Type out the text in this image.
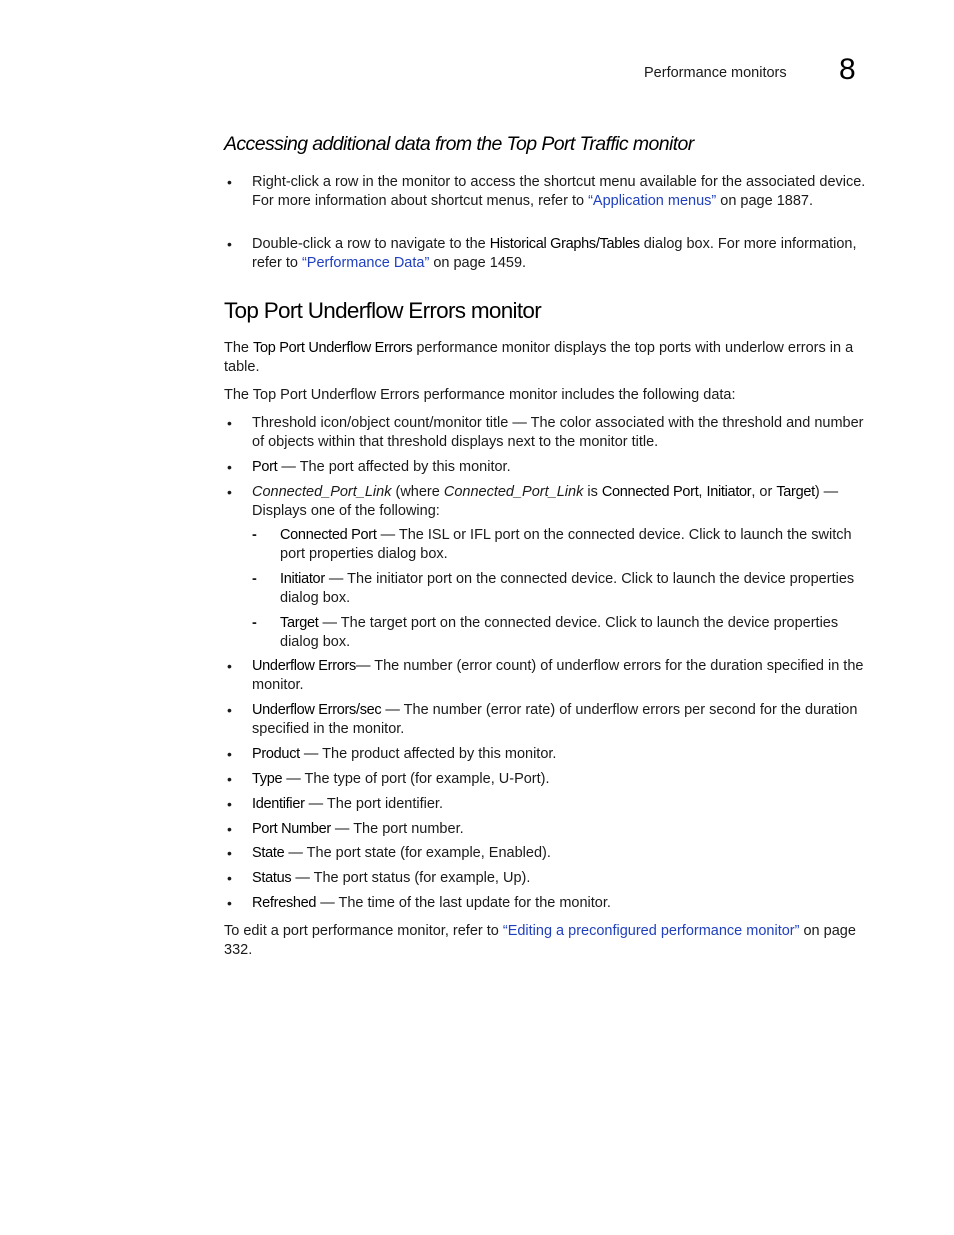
Performance monitors 8
Accessing additional data from the Top Port Traffic monitor
• Right-click a row in the monitor to access the shortcut menu available for the associated device. For more information about shortcut menus, refer to “Application menus” on page 1887.
• Double-click a row to navigate to the Historical Graphs/Tables dialog box. For more information, refer to “Performance Data” on page 1459.
Top Port Underflow Errors monitor
The Top Port Underflow Errors performance monitor displays the top ports with underlow errors in a table.
The Top Port Underflow Errors performance monitor includes the following data:
• Threshold icon/object count/monitor title — The color associated with the threshold and number of objects within that threshold displays next to the monitor title.
• Port — The port affected by this monitor.
• Connected_Port_Link (where Connected_Port_Link is Connected Port, Initiator, or Target) — Displays one of the following:
- Connected Port — The ISL or IFL port on the connected device. Click to launch the switch port properties dialog box.
- Initiator — The initiator port on the connected device. Click to launch the device properties dialog box.
- Target — The target port on the connected device. Click to launch the device properties dialog box.
• Underflow Errors— The number (error count) of underflow errors for the duration specified in the monitor.
• Underflow Errors/sec — The number (error rate) of underflow errors per second for the duration specified in the monitor.
• Product — The product affected by this monitor.
• Type — The type of port (for example, U-Port).
• Identifier — The port identifier.
• Port Number — The port number.
• State — The port state (for example, Enabled).
• Status — The port status (for example, Up).
• Refreshed — The time of the last update for the monitor.
To edit a port performance monitor, refer to “Editing a preconfigured performance monitor” on page 332.
